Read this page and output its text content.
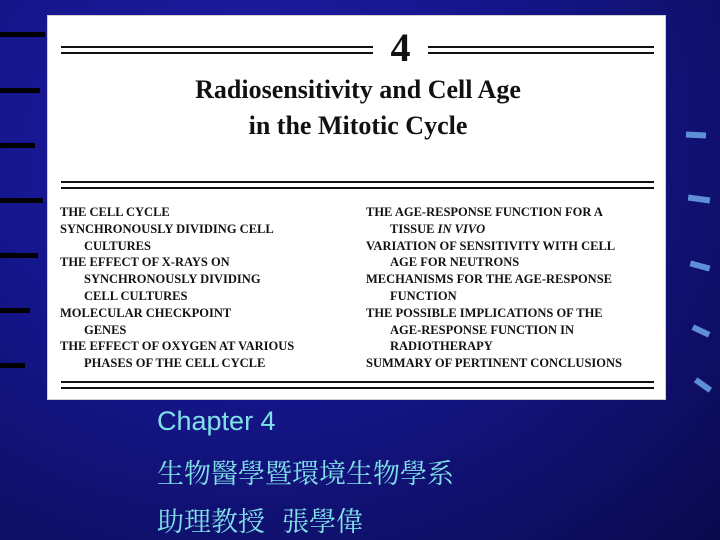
4
Radiosensitivity and Cell Age
in the Mitotic Cycle
THE CELL CYCLE
SYNCHRONOUSLY DIVIDING CELL
CULTURES
THE EFFECT OF X-RAYS ON
SYNCHRONOUSLY DIVIDING
CELL CULTURES
MOLECULAR CHECKPOINT
GENES
THE EFFECT OF OXYGEN AT VARIOUS
PHASES OF THE CELL CYCLE
THE AGE-RESPONSE FUNCTION FOR A
TISSUE IN VIVO
VARIATION OF SENSITIVITY WITH CELL
AGE FOR NEUTRONS
MECHANISMS FOR THE AGE-RESPONSE
FUNCTION
THE POSSIBLE IMPLICATIONS OF THE
AGE-RESPONSE FUNCTION IN
RADIOTHERAPY
SUMMARY OF PERTINENT CONCLUSIONS
Chapter 4
生物醫學暨環境生物學系
助理教授  張學偉
